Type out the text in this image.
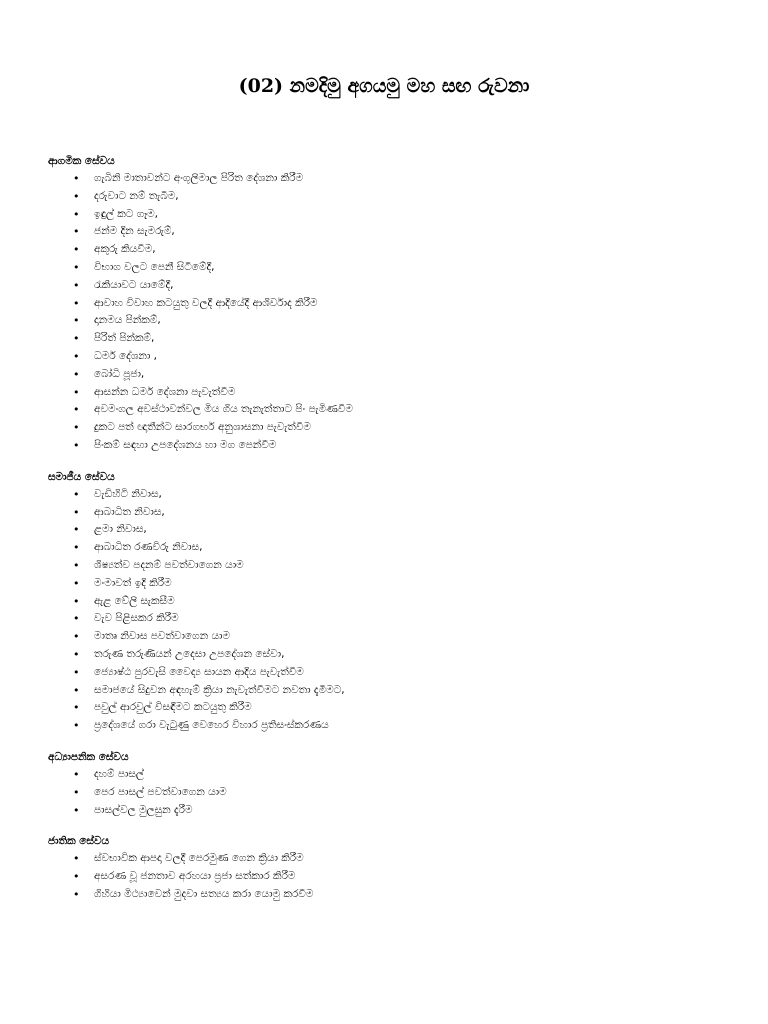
(02) නමදිමු අගයමු මහ සඟ රුවනා
ආගමික සේවය
• ගැබිනි මාතාවන්ට අංගුලිමාල පිරිත දේශනා කිරීම
• දරුවාට නම් තැබීම,
• ඉඳුල් කට ගෑම,
• ජන්ම දින සැමරුම්,
• අකුරු කියවීම,
• විභාග වලට පෙනී සිටීමේදී,
• රැකියාවට යාමේදී,
• ආවාහ විවාහ කටයුතු වලදී ආදියේදී ආශිර්වාද කිරීම
• දානමය පින්කම්,
• පිරිත් පින්කම්,
• ධර්ම දේශනා ,
• බෝධි පූජා,
• ආසන්න ධර්ම දේශනා පැවැත්වීම
• අවමංගල අවස්ථාවන්වල මිය ගිය තැනැත්තාට පිං පැමිණවීම
• දුකට පත් ඥාතීන්ට සාරගර්භ අනුශාසනා පැවැත්වීම
• පිංකම් සඳහා උපදේශනය හා මග පෙන්වීම
සමාජීය සේවය
• වැඩිහිටි නිවාස,
• ආබාධිත නිවාස,
• ළමා නිවාස,
• ආබාධිත රණවිරු නිවාස,
• ශිෂ්‍යත්ව පදනම් පවත්වාගෙන යාම
• මංමාවත් ඉදි කිරීම
• ඇළ වේලි සැකසීම
• වැව පිළිසකර කිරීම
• මාතෘ නිවාස පවත්වාගෙන යාම
• තරුණ තරුණියන් උදෙසා උපදේශන සේවා,
• ජ්‍යොෂ්ඨ පුරවැසි වෛද්‍ය සායන ආදිය පැවැත්වීම
• සමාජයේ සිදුවන අඳහැම් ක්‍රියා නැවැත්වීමට නවතා දැමීමට,
• පවුල් ආරවුල් විසඳීමට කටයුතු කිරීම
• ප්‍රදේශයේ ගරා වැටුණු වෙහෙර විහාර ප්‍රතිසංස්කරණය
අධ්‍යාපනික සේවය
• දහම් පාසල්
• පෙර පාසල් පවත්වාගෙන යාම
• පාසල්වල මුලසුන දැරීම
ජාතික සේවය
• ස්වභාවික ආපදා වලදී පෙරමුණ ගෙන ක්‍රියා කිරීම
• අසරණ වූ ජනතාව අරහයා ප්‍රජා සත්කාර කිරීම
• ගිහියා මිථ්‍යාවෙන් මුදවා සත්‍යය කරා යොමු කරවීම
